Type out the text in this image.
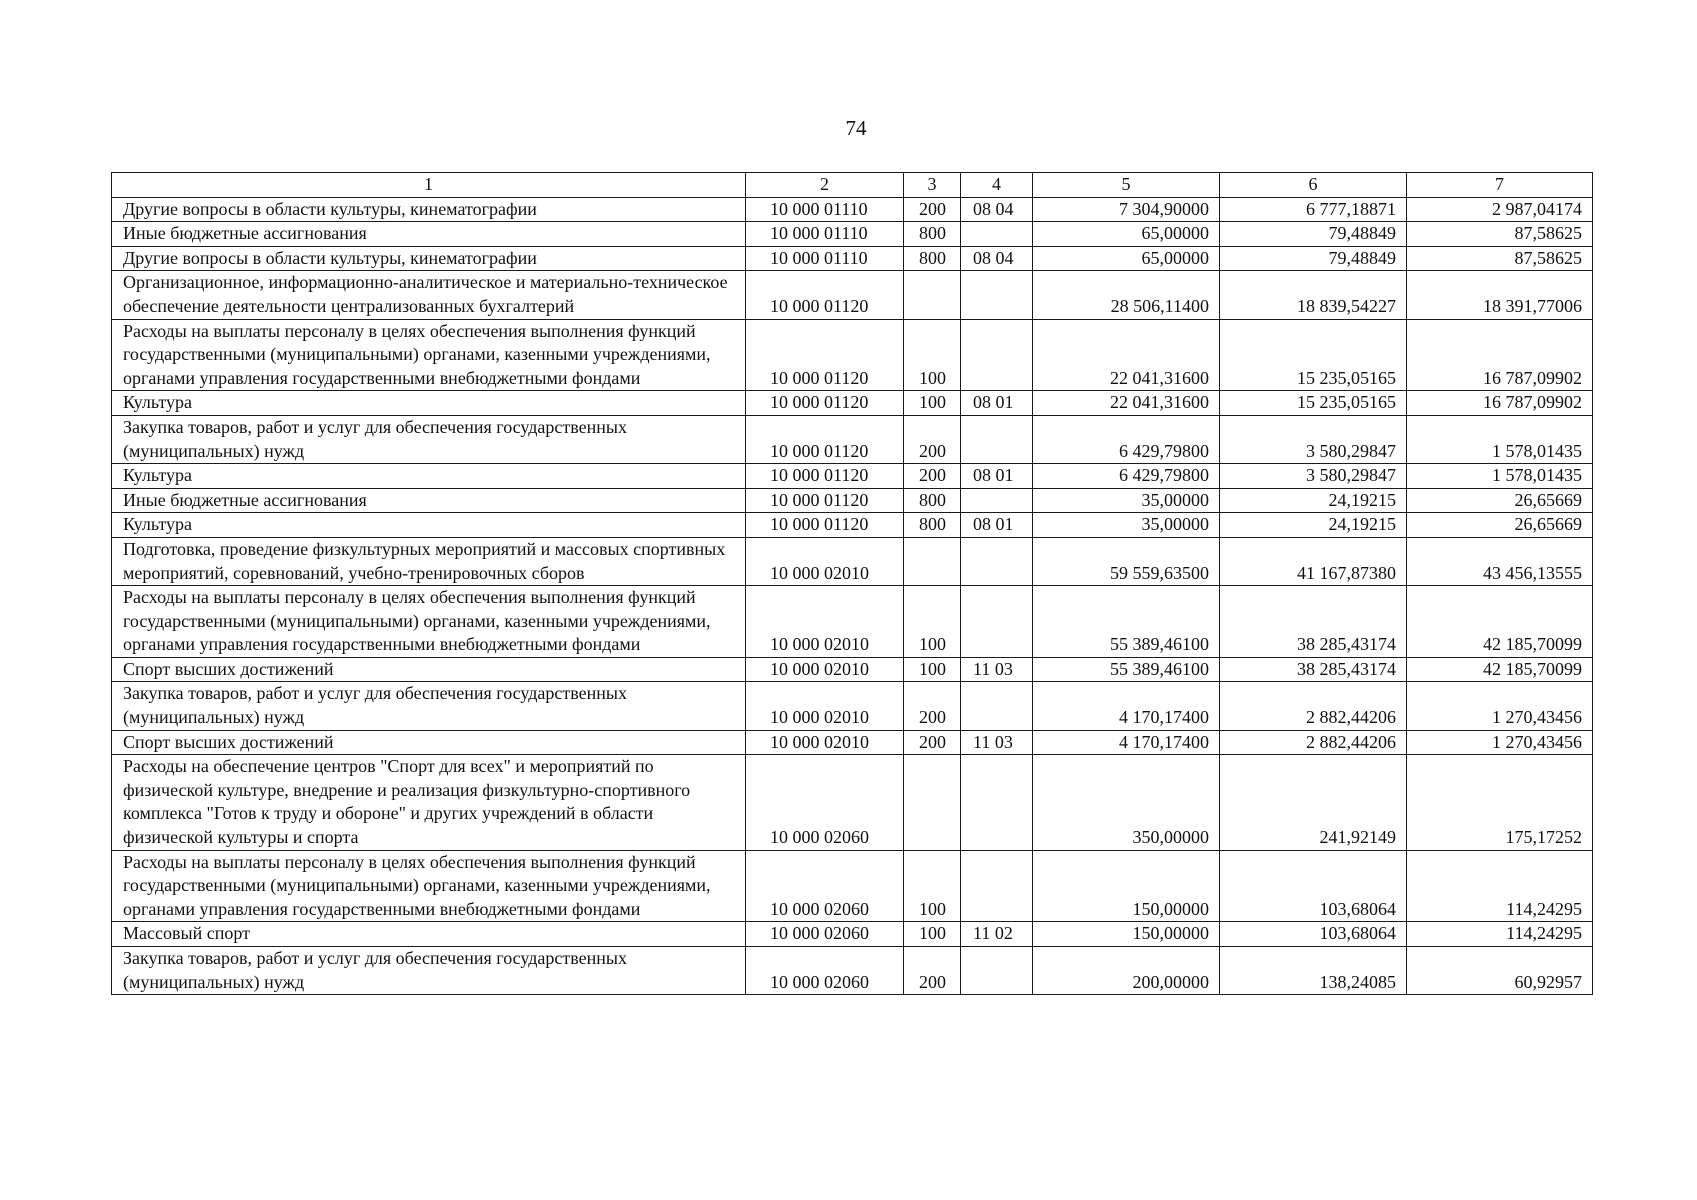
74
1	2	3	4	5	6	7
Другие вопросы в области культуры, кинематографии	10 000 01110	200	08 04	7 304,90000	6 777,18871	2 987,04174
Иные бюджетные ассигнования	10 000 01110	800		65,00000	79,48849	87,58625
Другие вопросы в области культуры, кинематографии	10 000 01110	800	08 04	65,00000	79,48849	87,58625
Организационное, информационно-аналитическое и материально-техническое обеспечение деятельности централизованных бухгалтерий	10 000 01120			28 506,11400	18 839,54227	18 391,77006
Расходы на выплаты персоналу в целях обеспечения выполнения функций государственными (муниципальными) органами, казенными учреждениями, органами управления государственными внебюджетными фондами	10 000 01120	100		22 041,31600	15 235,05165	16 787,09902
Культура	10 000 01120	100	08 01	22 041,31600	15 235,05165	16 787,09902
Закупка товаров, работ и услуг для обеспечения государственных (муниципальных) нужд	10 000 01120	200		6 429,79800	3 580,29847	1 578,01435
Культура	10 000 01120	200	08 01	6 429,79800	3 580,29847	1 578,01435
Иные бюджетные ассигнования	10 000 01120	800		35,00000	24,19215	26,65669
Культура	10 000 01120	800	08 01	35,00000	24,19215	26,65669
Подготовка, проведение физкультурных мероприятий и массовых спортивных мероприятий, соревнований, учебно-тренировочных сборов	10 000 02010			59 559,63500	41 167,87380	43 456,13555
Расходы на выплаты персоналу в целях обеспечения выполнения функций государственными (муниципальными) органами, казенными учреждениями, органами управления государственными внебюджетными фондами	10 000 02010	100		55 389,46100	38 285,43174	42 185,70099
Спорт высших достижений	10 000 02010	100	11 03	55 389,46100	38 285,43174	42 185,70099
Закупка товаров, работ и услуг для обеспечения государственных (муниципальных) нужд	10 000 02010	200		4 170,17400	2 882,44206	1 270,43456
Спорт высших достижений	10 000 02010	200	11 03	4 170,17400	2 882,44206	1 270,43456
Расходы на обеспечение центров "Спорт для всех" и мероприятий по физической культуре, внедрение и реализация физкультурно-спортивного комплекса "Готов к труду и обороне" и других учреждений в области физической культуры и спорта	10 000 02060			350,00000	241,92149	175,17252
Расходы на выплаты персоналу в целях обеспечения выполнения функций государственными (муниципальными) органами, казенными учреждениями, органами управления государственными внебюджетными фондами	10 000 02060	100		150,00000	103,68064	114,24295
Массовый спорт	10 000 02060	100	11 02	150,00000	103,68064	114,24295
Закупка товаров, работ и услуг для обеспечения государственных (муниципальных) нужд	10 000 02060	200		200,00000	138,24085	60,92957
